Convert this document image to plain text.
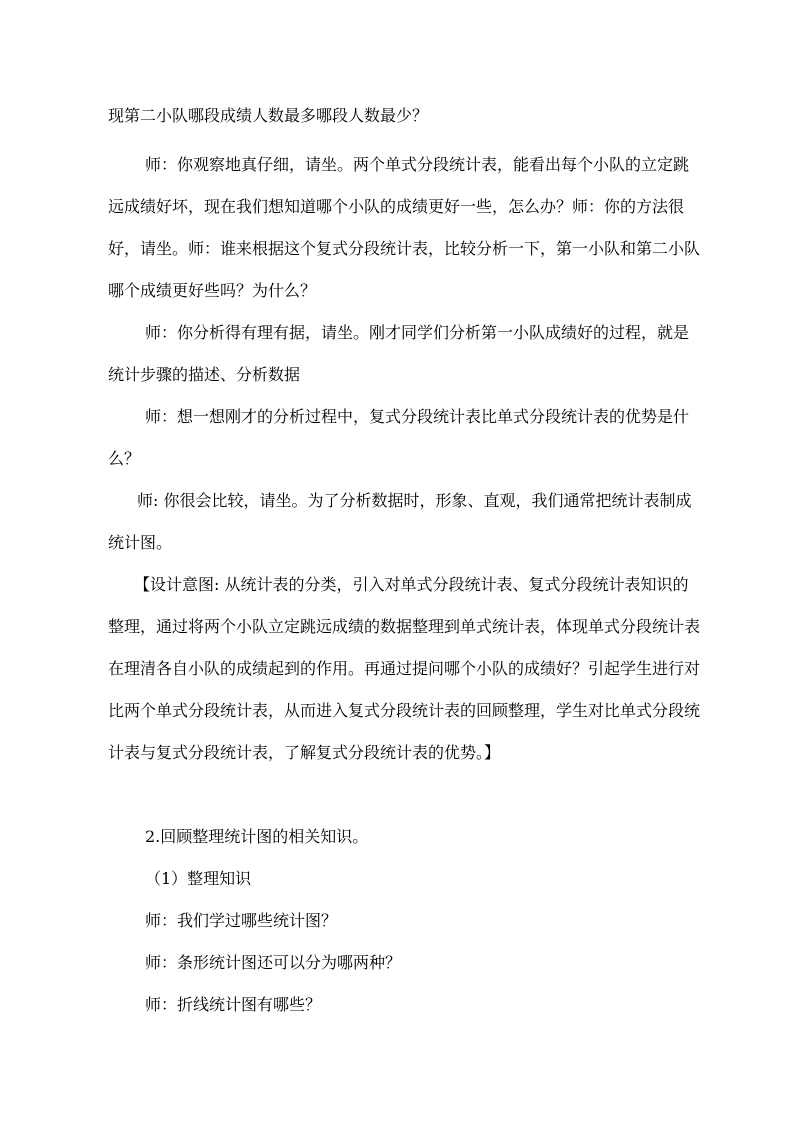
现第二小队哪段成绩人数最多哪段人数最少？

师：你观察地真仔细，请坐。两个单式分段统计表，能看出每个小队的立定跳远成绩好坏，现在我们想知道哪个小队的成绩更好一些，怎么办？师：你的方法很好，请坐。师：谁来根据这个复式分段统计表，比较分析一下，第一小队和第二小队哪个成绩更好些吗？为什么？

师：你分析得有理有据，请坐。刚才同学们分析第一小队成绩好的过程，就是统计步骤的描述、分析数据

师：想一想刚才的分析过程中，复式分段统计表比单式分段统计表的优势是什么？

师: 你很会比较，请坐。为了分析数据时，形象、直观，我们通常把统计表制成统计图。

【设计意图: 从统计表的分类，引入对单式分段统计表、复式分段统计表知识的整理，通过将两个小队立定跳远成绩的数据整理到单式统计表，体现单式分段统计表在理清各自小队的成绩起到的作用。再通过提问哪个小队的成绩好？引起学生进行对比两个单式分段统计表，从而进入复式分段统计表的回顾整理，学生对比单式分段统计表与复式分段统计表，了解复式分段统计表的优势。】

2.回顾整理统计图的相关知识。

（1）整理知识

师：我们学过哪些统计图？

师：条形统计图还可以分为哪两种？

师：折线统计图有哪些？
